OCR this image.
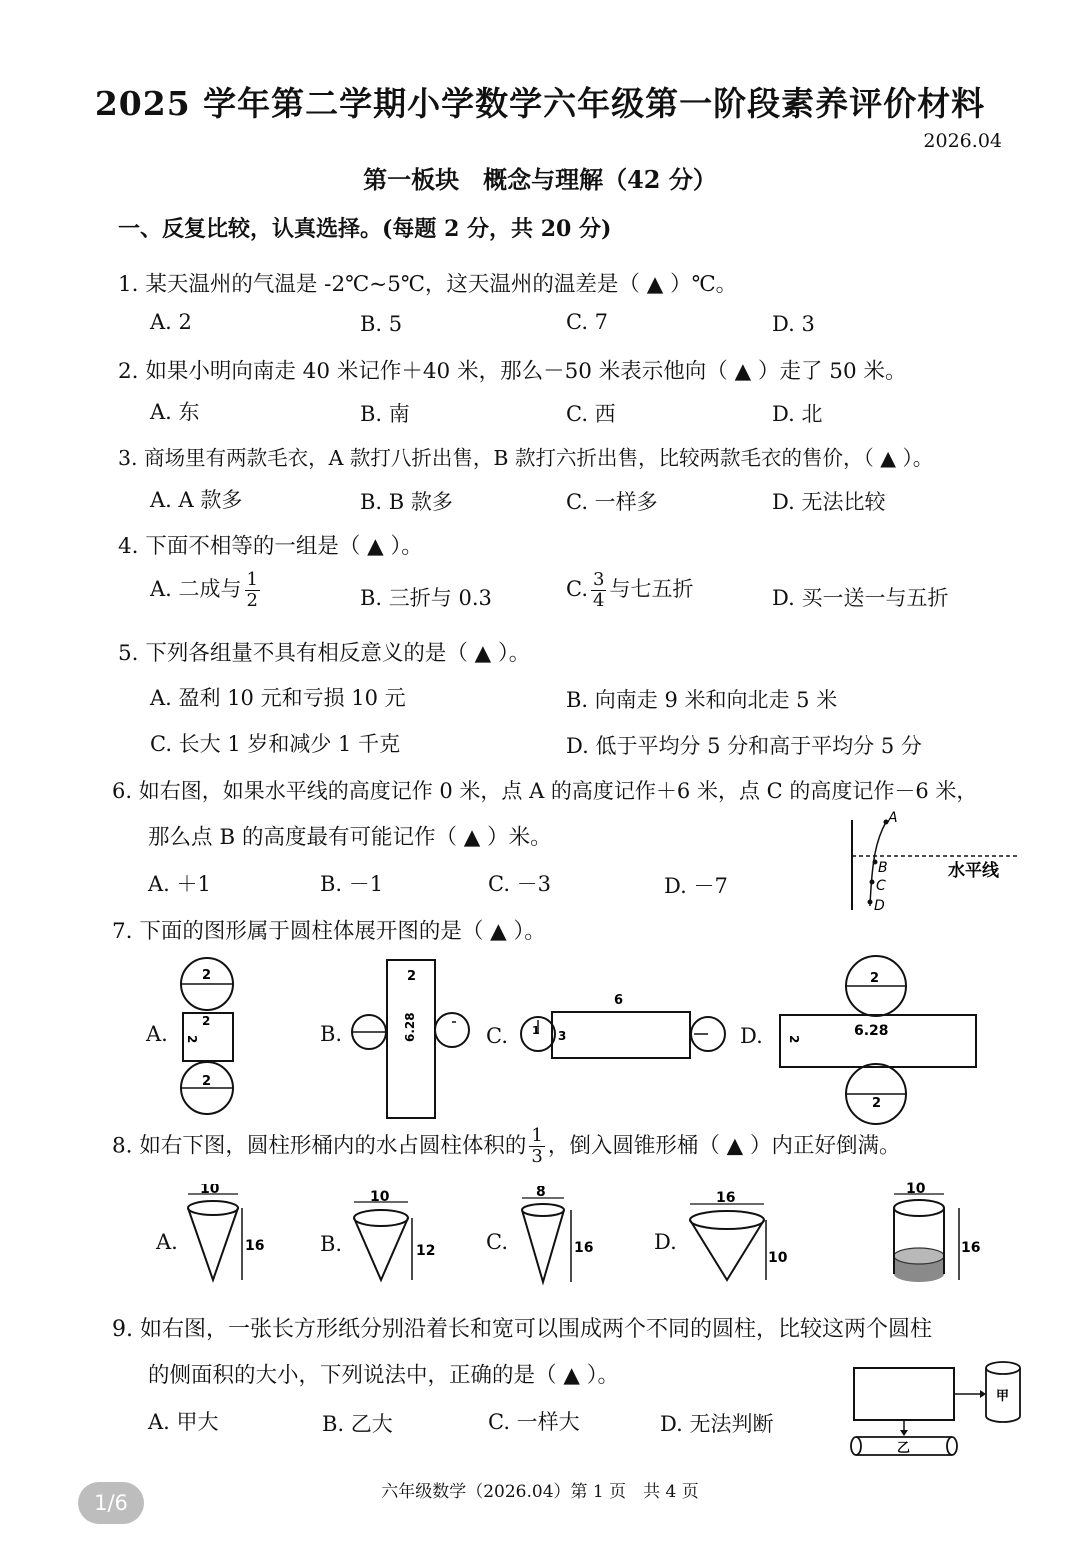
2025 学年第二学期小学数学六年级第一阶段素养评价材料
2026.04
第一板块　概念与理解（42 分）
一、反复比较，认真选择。(每题 2 分，共 20 分)
1. 某天温州的气温是 -2℃~5℃，这天温州的温差是（ ▲ ）℃。
A. 2	B. 5	C. 7	D. 3
2. 如果小明向南走 40 米记作＋40 米，那么－50 米表示他向（ ▲ ）走了 50 米。
A. 东	B. 南	C. 西	D. 北
3. 商场里有两款毛衣，A 款打八折出售，B 款打六折出售，比较两款毛衣的售价，（ ▲ ）。
A. A 款多	B. B 款多	C. 一样多	D. 无法比较
4. 下面不相等的一组是（ ▲ ）。
A. 二成与 $\frac{1}{2}$	B. 三折与 0.3	C. $\frac{3}{4}$ 与七五折	D. 买一送一与五折
5. 下列各组量不具有相反意义的是（ ▲ ）。
A. 盈利 10 元和亏损 10 元	B. 向南走 9 米和向北走 5 米
C. 长大 1 岁和减少 1 千克	D. 低于平均分 5 分和高于平均分 5 分
6. 如右图，如果水平线的高度记作 0 米，点 A 的高度记作＋6 米，点 C 的高度记作－6 米，
那么点 B 的高度最有可能记作（ ▲ ）米。
A. ＋1	B. －1	C. －3	D. －7
A
B
C
D
水平线
7. 下面的图形属于圆柱体展开图的是（ ▲ ）。
A.	B.	C.	D.
2
2
2
2
2
6.28
6
3
1
2
2
2
6.28
8. 如右下图，圆柱形桶内的水占圆柱体积的 $\frac{1}{3}$ ，倒入圆锥形桶（ ▲ ）内正好倒满。
A.	B.	C.	D.
10
16
10
12
8
16
16
10
10
16
9. 如右图，一张长方形纸分别沿着长和宽可以围成两个不同的圆柱，比较这两个圆柱
的侧面积的大小，下列说法中，正确的是（ ▲ ）。
A. 甲大	B. 乙大	C. 一样大	D. 无法判断
甲
乙
六年级数学（2026.04）第 1 页　共 4 页
1/6
